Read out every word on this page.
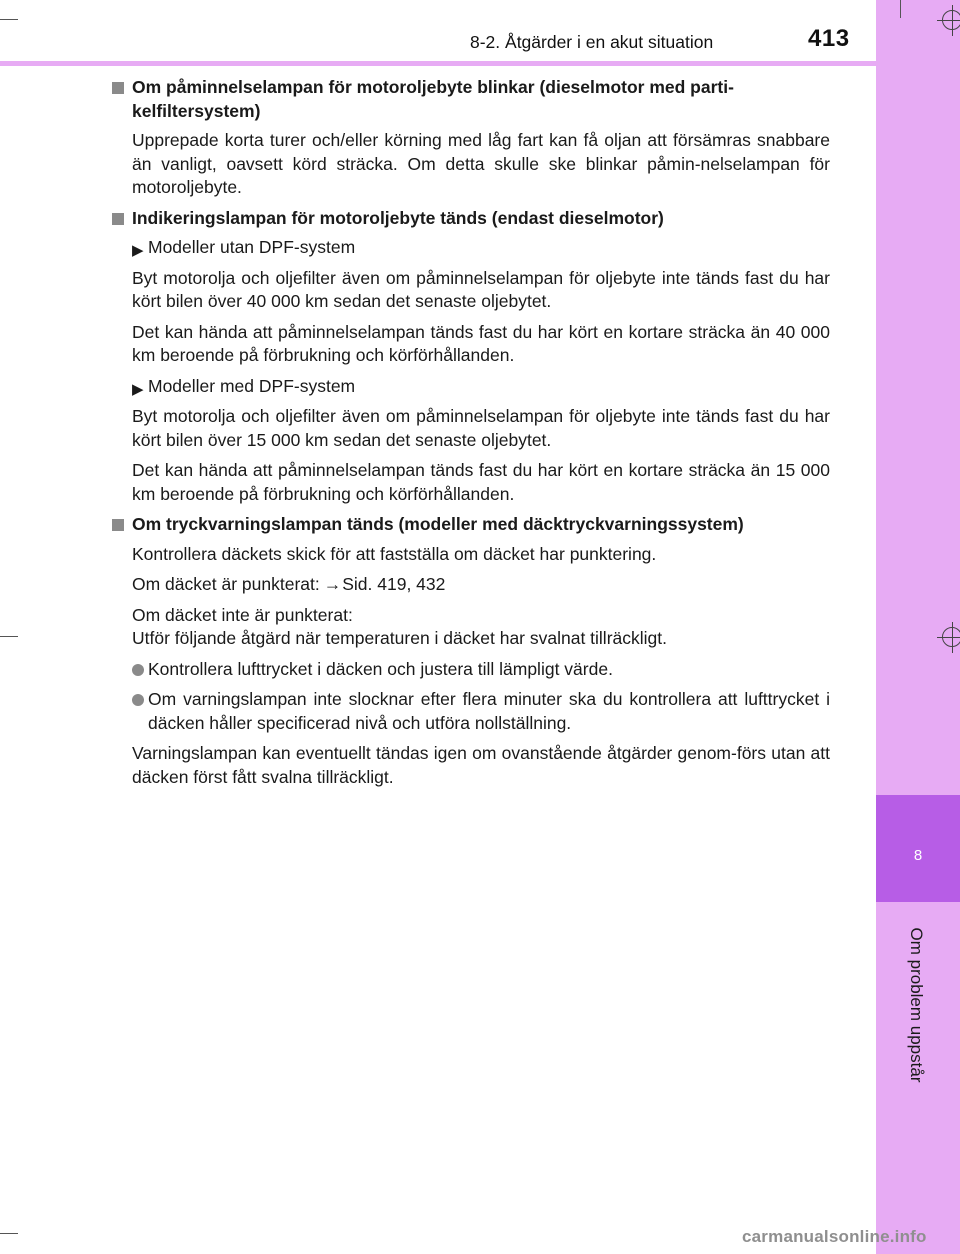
8
Om problem uppstår
8-2. Åtgärder i en akut situation	413
Om påminnelselampan för motoroljebyte blinkar (dieselmotor med parti-kelfiltersystem)
Upprepade korta turer och/eller körning med låg fart kan få oljan att försämras snabbare än vanligt, oavsett körd sträcka. Om detta skulle ske blinkar påmin-nelselampan för motoroljebyte.
Indikeringslampan för motoroljebyte tänds (endast dieselmotor)
▶ Modeller utan DPF-system
Byt motorolja och oljefilter även om påminnelselampan för oljebyte inte tänds fast du har kört bilen över 40 000 km sedan det senaste oljebytet.
Det kan hända att påminnelselampan tänds fast du har kört en kortare sträcka än 40 000 km beroende på förbrukning och körförhållanden.
▶ Modeller med DPF-system
Byt motorolja och oljefilter även om påminnelselampan för oljebyte inte tänds fast du har kört bilen över 15 000 km sedan det senaste oljebytet.
Det kan hända att påminnelselampan tänds fast du har kört en kortare sträcka än 15 000 km beroende på förbrukning och körförhållanden.
Om tryckvarningslampan tänds (modeller med däcktryckvarningssystem)
Kontrollera däckets skick för att fastställa om däcket har punktering.
Om däcket är punkterat: →Sid. 419, 432
Om däcket inte är punkterat:
Utför följande åtgärd när temperaturen i däcket har svalnat tillräckligt.
Kontrollera lufttrycket i däcken och justera till lämpligt värde.
Om varningslampan inte slocknar efter flera minuter ska du kontrollera att lufttrycket i däcken håller specificerad nivå och utföra nollställning.
Varningslampan kan eventuellt tändas igen om ovanstående åtgärder genom-förs utan att däcken först fått svalna tillräckligt.
carmanualsonline.info
